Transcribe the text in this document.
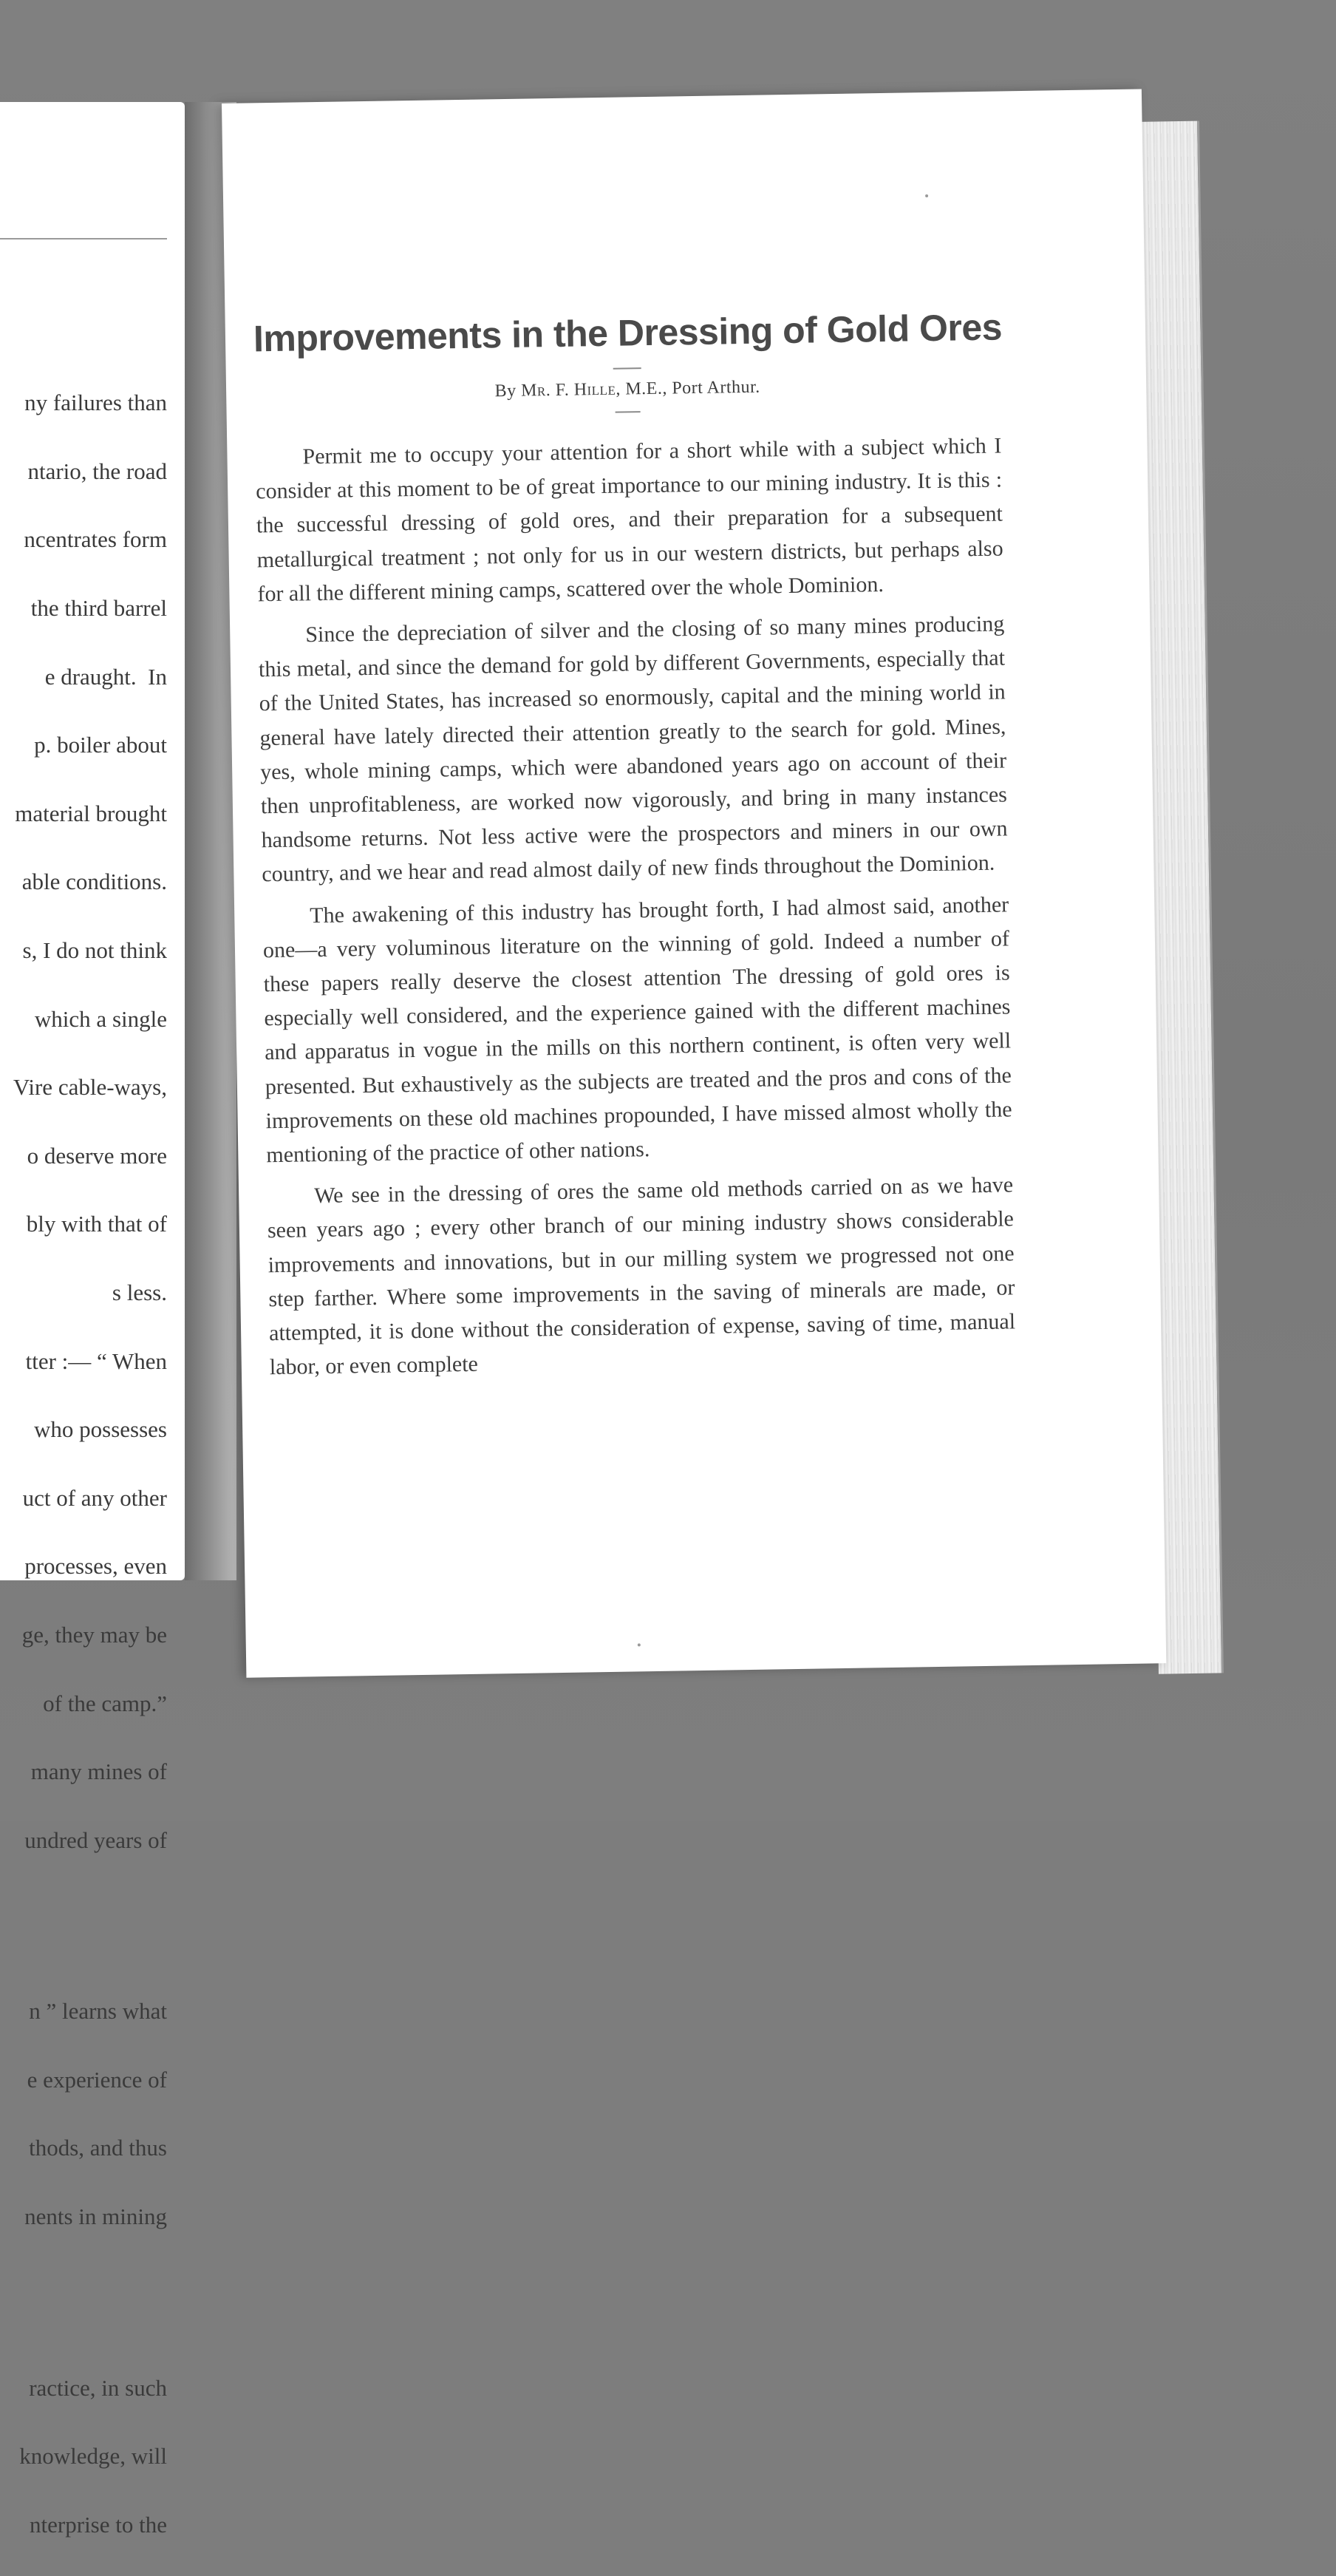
ny failures than

ntario, the road

ncentrates form

the third barrel

e draught.  In

p. boiler about

material brought

able conditions.

s, I do not think

which a single

Vire cable-ways,

o deserve more

bly with that of

s less.

tter :— “ When

who possesses

uct of any other

processes, even

ge, they may be

of the camp.”

many mines of

undred years of

n ” learns what

e experience of

thods, and thus

nents in mining

ractice, in such

knowledge, will

nterprise to the

Improvements in the Dressing of Gold Ores
By Mr. F. Hille, M.E., Port Arthur.

Permit me to occupy your attention for a short while with a subject which I consider at this moment to be of great importance to our mining industry. It is this : the successful dressing of gold ores, and their preparation for a subsequent metallurgical treatment ; not only for us in our western districts, but perhaps also for all the different mining camps, scattered over the whole Dominion.

Since the depreciation of silver and the closing of so many mines producing this metal, and since the demand for gold by different Governments, especially that of the United States, has increased so enormously, capital and the mining world in general have lately directed their attention greatly to the search for gold. Mines, yes, whole mining camps, which were abandoned years ago on account of their then unprofitableness, are worked now vigorously, and bring in many instances handsome returns. Not less active were the prospectors and miners in our own country, and we hear and read almost daily of new finds throughout the Dominion.

The awakening of this industry has brought forth, I had almost said, another one—a very voluminous literature on the winning of gold. Indeed a number of these papers really deserve the closest attention The dressing of gold ores is especially well considered, and the experience gained with the different machines and apparatus in vogue in the mills on this northern continent, is often very well presented. But exhaustively as the subjects are treated and the pros and cons of the improvements on these old machines propounded, I have missed almost wholly the mentioning of the practice of other nations.

We see in the dressing of ores the same old methods carried on as we have seen years ago ; every other branch of our mining industry shows considerable improvements and innovations, but in our milling system we progressed not one step farther. Where some improvements in the saving of minerals are made, or attempted, it is done without the consideration of expense, saving of time, manual labor, or even complete
